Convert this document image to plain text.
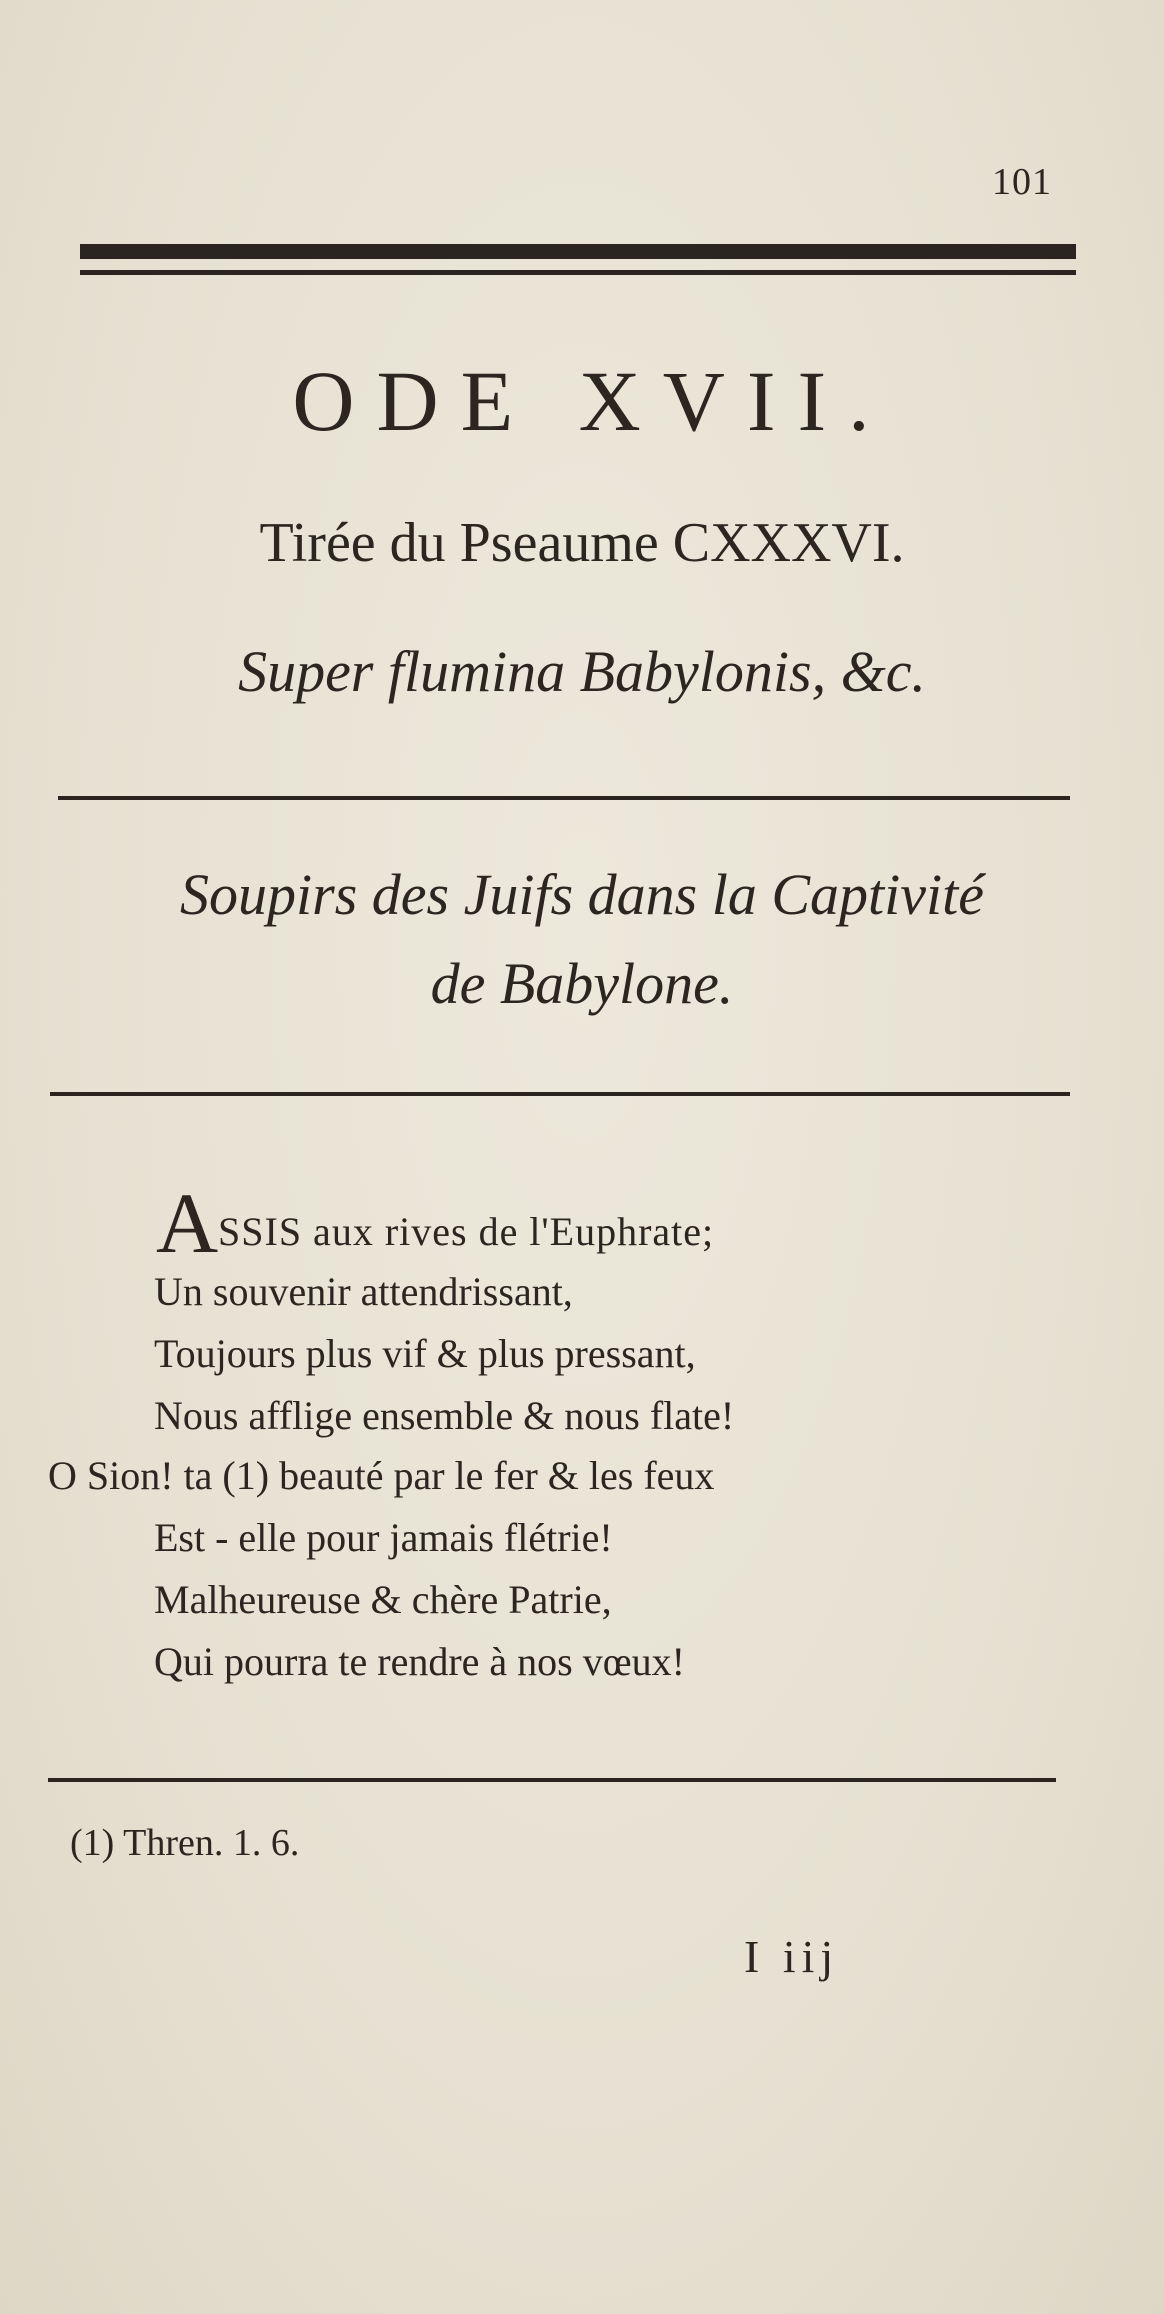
101
ODE XVII.
Tirée du Pseaume CXXXVI.
Super flumina Babylonis, &c.
Soupirs des Juifs dans la Captivité
de Babylone.
A SSIS aux rives de l'Euphrate;
Un souvenir attendrissant,
Toujours plus vif & plus pressant,
Nous afflige ensemble & nous flate!
O Sion! ta (1) beauté par le fer & les feux
Est - elle pour jamais flétrie!
Malheureuse & chère Patrie,
Qui pourra te rendre à nos vœux!
(1) Thren. 1. 6.
I iij
